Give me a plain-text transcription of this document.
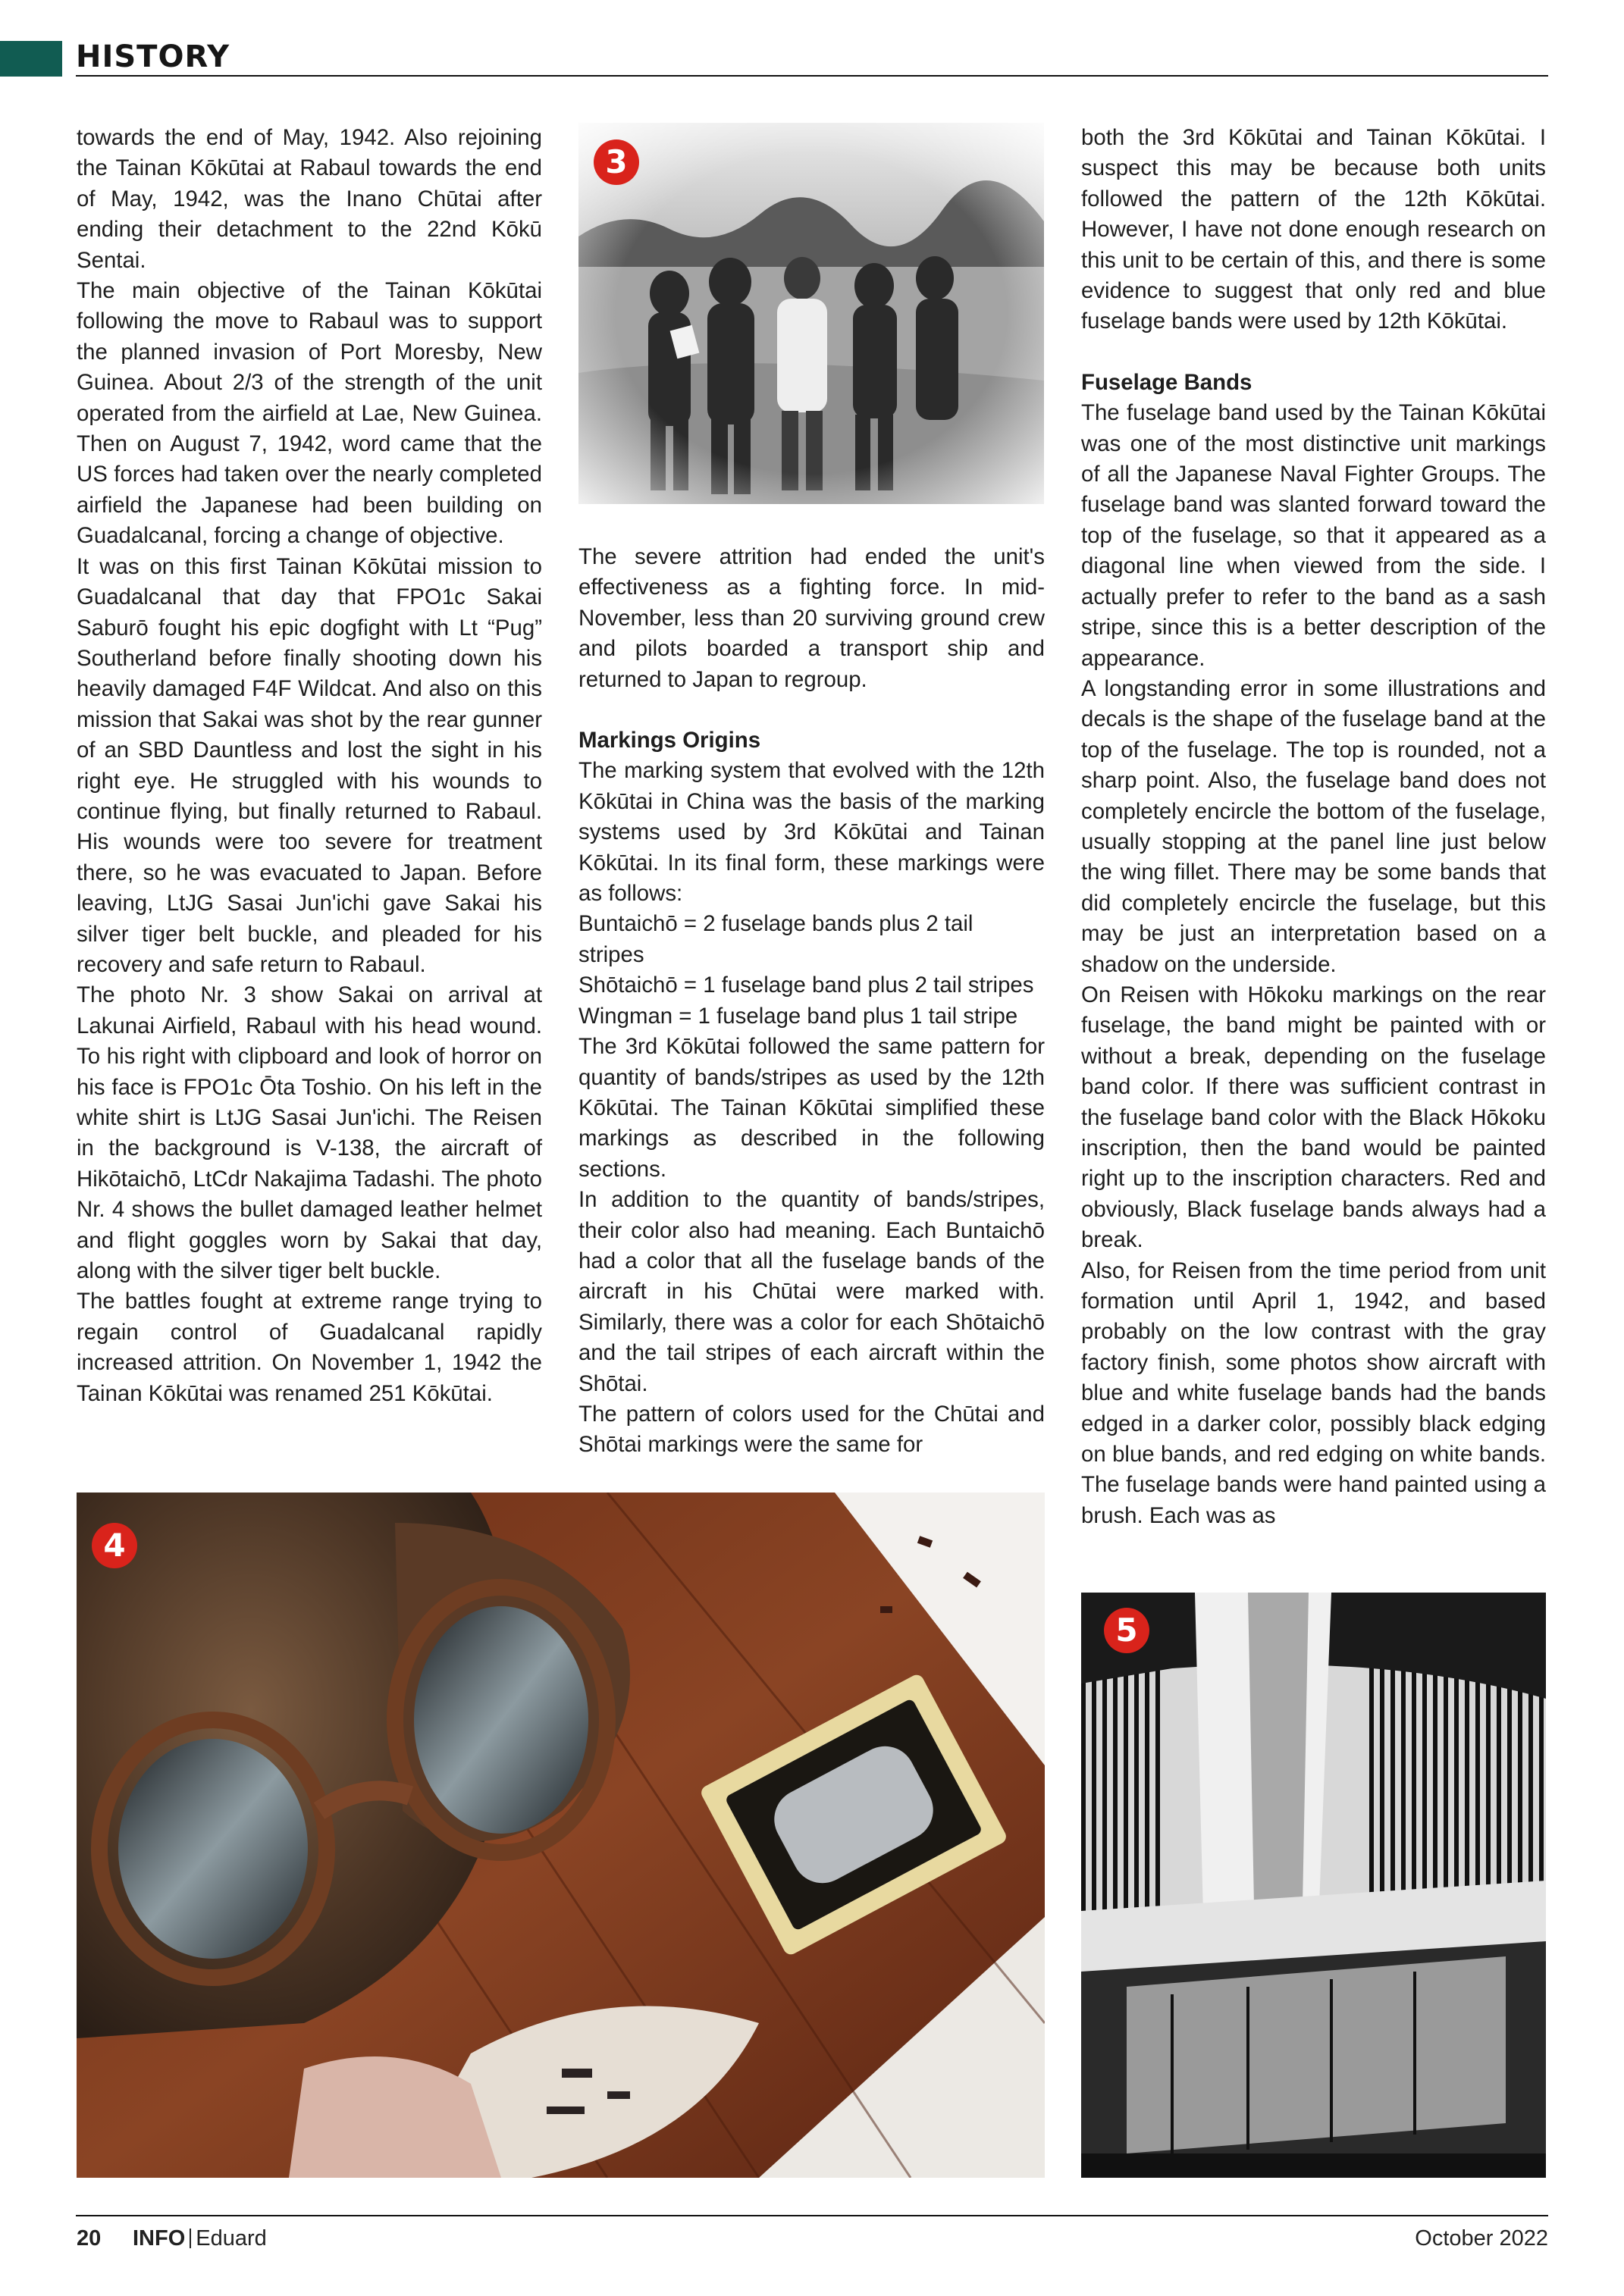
HISTORY

towards the end of May, 1942. Also rejoining the Tainan Kōkūtai at Rabaul towards the end of May, 1942, was the Inano Chūtai after ending their detachment to the 22nd Kōkū Sentai.

The main objective of the Tainan Kōkūtai following the move to Rabaul was to support the planned invasion of Port Moresby, New Guinea. About 2/3 of the strength of the unit operated from the airfield at Lae, New Guinea. Then on August 7, 1942, word came that the US forces had taken over the nearly completed airfield the Japanese had been building on Guadalcanal, forcing a change of objective.

It was on this first Tainan Kōkūtai mission to Guadalcanal that day that FPO1c Sakai Saburō fought his epic dogfight with Lt “Pug” Southerland before finally shooting down his heavily damaged F4F Wildcat. And also on this mission that Sakai was shot by the rear gunner of an SBD Dauntless and lost the sight in his right eye. He struggled with his wounds to continue flying, but finally returned to Rabaul. His wounds were too severe for treatment there, so he was evacuated to Japan. Before leaving, LtJG Sasai Jun'ichi gave Sakai his silver tiger belt buckle, and pleaded for his recovery and safe return to Rabaul.

The photo Nr. 3 show Sakai on arrival at Lakunai Airfield, Rabaul with his head wound. To his right with clipboard and look of horror on his face is FPO1c Ōta Toshio. On his left in the white shirt is LtJG Sasai Jun'ichi. The Reisen in the background is V-138, the aircraft of Hikōtaichō, LtCdr Nakajima Tadashi. The photo Nr. 4 shows the bullet damaged leather helmet and flight goggles worn by Sakai that day, along with the silver tiger belt buckle.

The battles fought at extreme range trying to regain control of Guadalcanal rapidly increased attrition. On November 1, 1942 the Tainan Kōkūtai was renamed 251 Kōkūtai.

3

The severe attrition had ended the unit's effectiveness as a fighting force. In mid-November, less than 20 surviving ground crew and pilots boarded a transport ship and returned to Japan to regroup.

Markings Origins

The marking system that evolved with the 12th Kōkūtai in China was the basis of the marking systems used by 3rd Kōkūtai and Tainan Kōkūtai. In its final form, these markings were as follows:

Buntaichō = 2 fuselage bands plus 2 tail stripes

Shōtaichō = 1 fuselage band plus 2 tail stripes

Wingman = 1 fuselage band plus 1 tail stripe

The 3rd Kōkūtai followed the same pattern for quantity of bands/stripes as used by the 12th Kōkūtai. The Tainan Kōkūtai simplified these markings as described in the following sections.

In addition to the quantity of bands/stripes, their color also had meaning. Each Buntaichō had a color that all the fuselage bands of the aircraft in his Chūtai were marked with. Similarly, there was a color for each Shōtaichō and the tail stripes of each aircraft within the Shōtai.

The pattern of colors used for the Chūtai and Shōtai markings were the same for

both the 3rd Kōkūtai and Tainan Kōkūtai. I suspect this may be because both units followed the pattern of the 12th Kōkūtai. However, I have not done enough research on this unit to be certain of this, and there is some evidence to suggest that only red and blue fuselage bands were used by 12th Kōkūtai.

Fuselage Bands

The fuselage band used by the Tainan Kōkūtai was one of the most distinctive unit markings of all the Japanese Naval Fighter Groups. The fuselage band was slanted forward toward the top of the fuselage, so that it appeared as a diagonal line when viewed from the side. I actually prefer to refer to the band as a sash stripe, since this is a better description of the appearance.

A longstanding error in some illustrations and decals is the shape of the fuselage band at the top of the fuselage. The top is rounded, not a sharp point. Also, the fuselage band does not completely encircle the bottom of the fuselage, usually stopping at the panel line just below the wing fillet. There may be some bands that did completely encircle the fuselage, but this may be just an interpretation based on a shadow on the underside.

On Reisen with Hōkoku markings on the rear fuselage, the band might be painted with or without a break, depending on the fuselage band color. If there was sufficient contrast in the fuselage band color with the Black Hōkoku inscription, then the band would be painted right up to the inscription characters. Red and obviously, Black fuselage bands always had a break.

Also, for Reisen from the time period from unit formation until April 1, 1942, and based probably on the low contrast with the gray factory finish, some photos show aircraft with blue and white fuselage bands had the bands edged in a darker color, possibly black edging on blue bands, and red edging on white bands. The fuselage bands were hand painted using a brush. Each was as

4
5
20 INFO Eduard	October 2022
